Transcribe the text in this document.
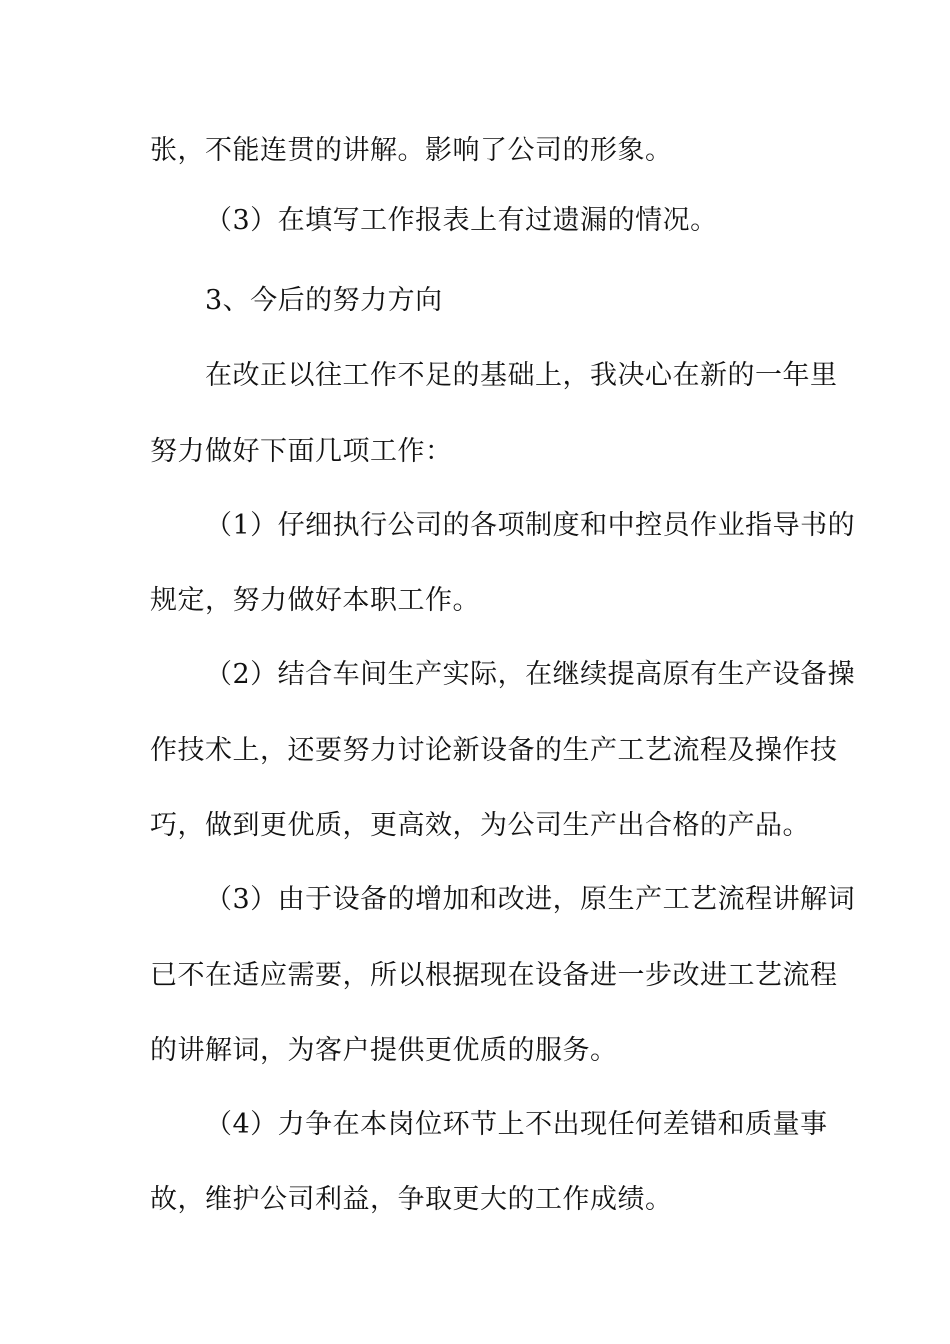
张，不能连贯的讲解。影响了公司的形象。
（3）在填写工作报表上有过遗漏的情况。
3、今后的努力方向
在改正以往工作不足的基础上，我决心在新的一年里
努力做好下面几项工作：
（1）仔细执行公司的各项制度和中控员作业指导书的
规定，努力做好本职工作。
（2）结合车间生产实际，在继续提高原有生产设备操
作技术上，还要努力讨论新设备的生产工艺流程及操作技
巧，做到更优质，更高效，为公司生产出合格的产品。
（3）由于设备的增加和改进，原生产工艺流程讲解词
已不在适应需要，所以根据现在设备进一步改进工艺流程
的讲解词，为客户提供更优质的服务。
（4）力争在本岗位环节上不出现任何差错和质量事
故，维护公司利益，争取更大的工作成绩。
